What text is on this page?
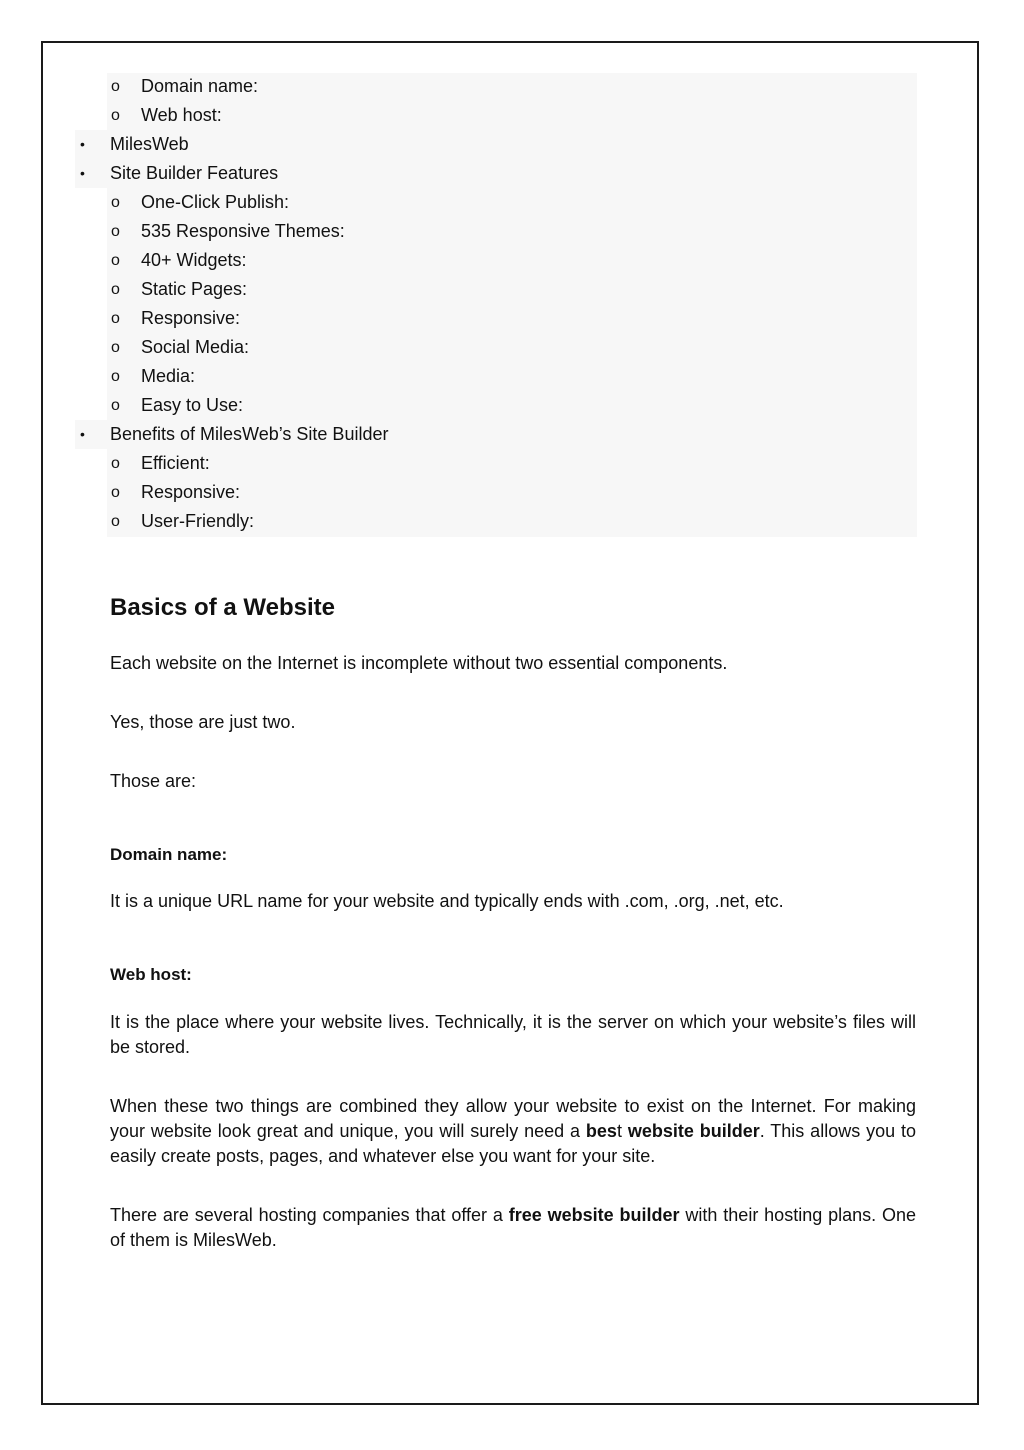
o Domain name:
o Web host:
• MilesWeb
• Site Builder Features
o One-Click Publish:
o 535 Responsive Themes:
o 40+ Widgets:
o Static Pages:
o Responsive:
o Social Media:
o Media:
o Easy to Use:
• Benefits of MilesWeb’s Site Builder
o Efficient:
o Responsive:
o User-Friendly:
Basics of a Website

Each website on the Internet is incomplete without two essential components.

Yes, those are just two.

Those are:

Domain name:

It is a unique URL name for your website and typically ends with .com, .org, .net, etc.

Web host:

It is the place where your website lives. Technically, it is the server on which your website’s files will be stored.

When these two things are combined they allow your website to exist on the Internet. For making your website look great and unique, you will surely need a best website builder. This allows you to easily create posts, pages, and whatever else you want for your site.

There are several hosting companies that offer a free website builder with their hosting plans. One of them is MilesWeb.
